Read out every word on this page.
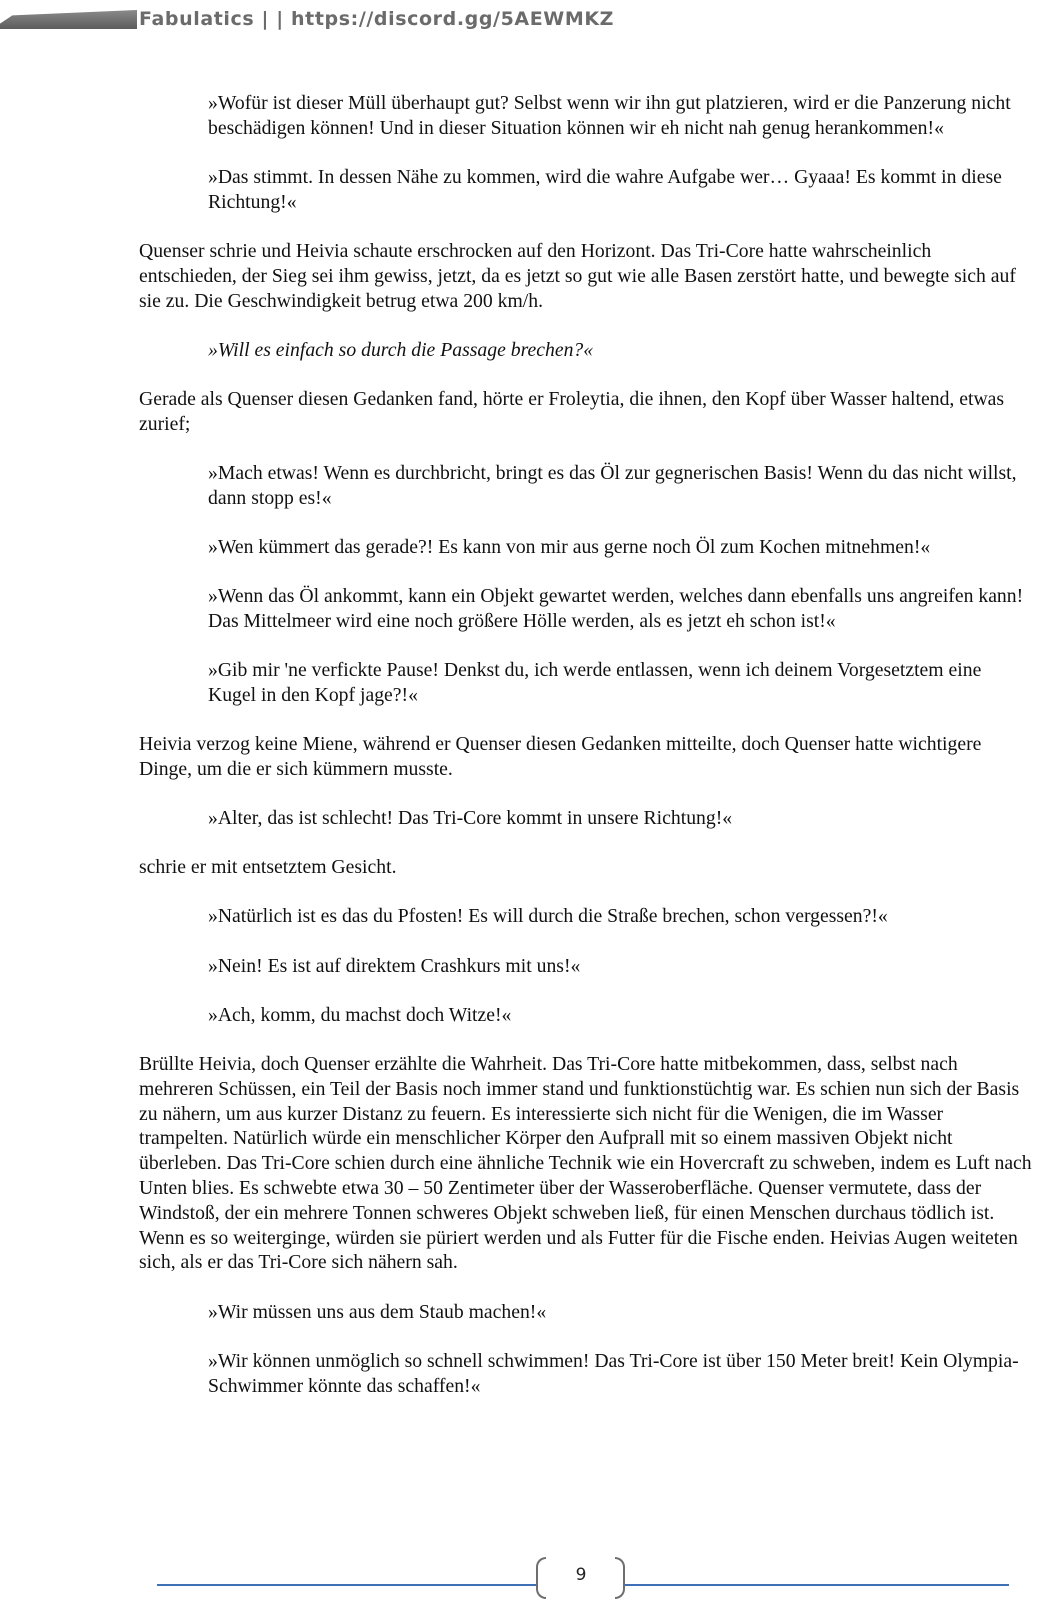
Fabulatics | | https://discord.gg/5AEWMKZ

»Wofür ist dieser Müll überhaupt gut? Selbst wenn wir ihn gut platzieren, wird er die Panzerung nicht beschädigen können! Und in dieser Situation können wir eh nicht nah genug herankommen!«

»Das stimmt. In dessen Nähe zu kommen, wird die wahre Aufgabe wer… Gyaaa! Es kommt in diese Richtung!«

Quenser schrie und Heivia schaute erschrocken auf den Horizont. Das Tri-Core hatte wahrscheinlich entschieden, der Sieg sei ihm gewiss, jetzt, da es jetzt so gut wie alle Basen zerstört hatte, und bewegte sich auf sie zu. Die Geschwindigkeit betrug etwa 200 km/h.

»Will es einfach so durch die Passage brechen?«

Gerade als Quenser diesen Gedanken fand, hörte er Froleytia, die ihnen, den Kopf über Wasser haltend, etwas zurief;

»Mach etwas! Wenn es durchbricht, bringt es das Öl zur gegnerischen Basis! Wenn du das nicht willst, dann stopp es!«

»Wen kümmert das gerade?! Es kann von mir aus gerne noch Öl zum Kochen mitnehmen!«

»Wenn das Öl ankommt, kann ein Objekt gewartet werden, welches dann ebenfalls uns angreifen kann! Das Mittelmeer wird eine noch größere Hölle werden, als es jetzt eh schon ist!«

»Gib mir 'ne verfickte Pause! Denkst du, ich werde entlassen, wenn ich deinem Vorgesetztem eine Kugel in den Kopf jage?!«

Heivia verzog keine Miene, während er Quenser diesen Gedanken mitteilte, doch Quenser hatte wichtigere Dinge, um die er sich kümmern musste.

»Alter, das ist schlecht! Das Tri-Core kommt in unsere Richtung!«

schrie er mit entsetztem Gesicht.

»Natürlich ist es das du Pfosten! Es will durch die Straße brechen, schon vergessen?!«

»Nein! Es ist auf direktem Crashkurs mit uns!«

»Ach, komm, du machst doch Witze!«

Brüllte Heivia, doch Quenser erzählte die Wahrheit. Das Tri-Core hatte mitbekommen, dass, selbst nach mehreren Schüssen, ein Teil der Basis noch immer stand und funktionstüchtig war. Es schien nun sich der Basis zu nähern, um aus kurzer Distanz zu feuern. Es interessierte sich nicht für die Wenigen, die im Wasser trampelten. Natürlich würde ein menschlicher Körper den Aufprall mit so einem massiven Objekt nicht überleben. Das Tri-Core schien durch eine ähnliche Technik wie ein Hovercraft zu schweben, indem es Luft nach Unten blies. Es schwebte etwa 30 – 50 Zentimeter über der Wasseroberfläche. Quenser vermutete, dass der Windstoß, der ein mehrere Tonnen schweres Objekt schweben ließ, für einen Menschen durchaus tödlich ist. Wenn es so weiterginge, würden sie püriert werden und als Futter für die Fische enden. Heivias Augen weiteten sich, als er das Tri-Core sich nähern sah.

»Wir müssen uns aus dem Staub machen!«

»Wir können unmöglich so schnell schwimmen! Das Tri-Core ist über 150 Meter breit! Kein Olympia-Schwimmer könnte das schaffen!«

9
